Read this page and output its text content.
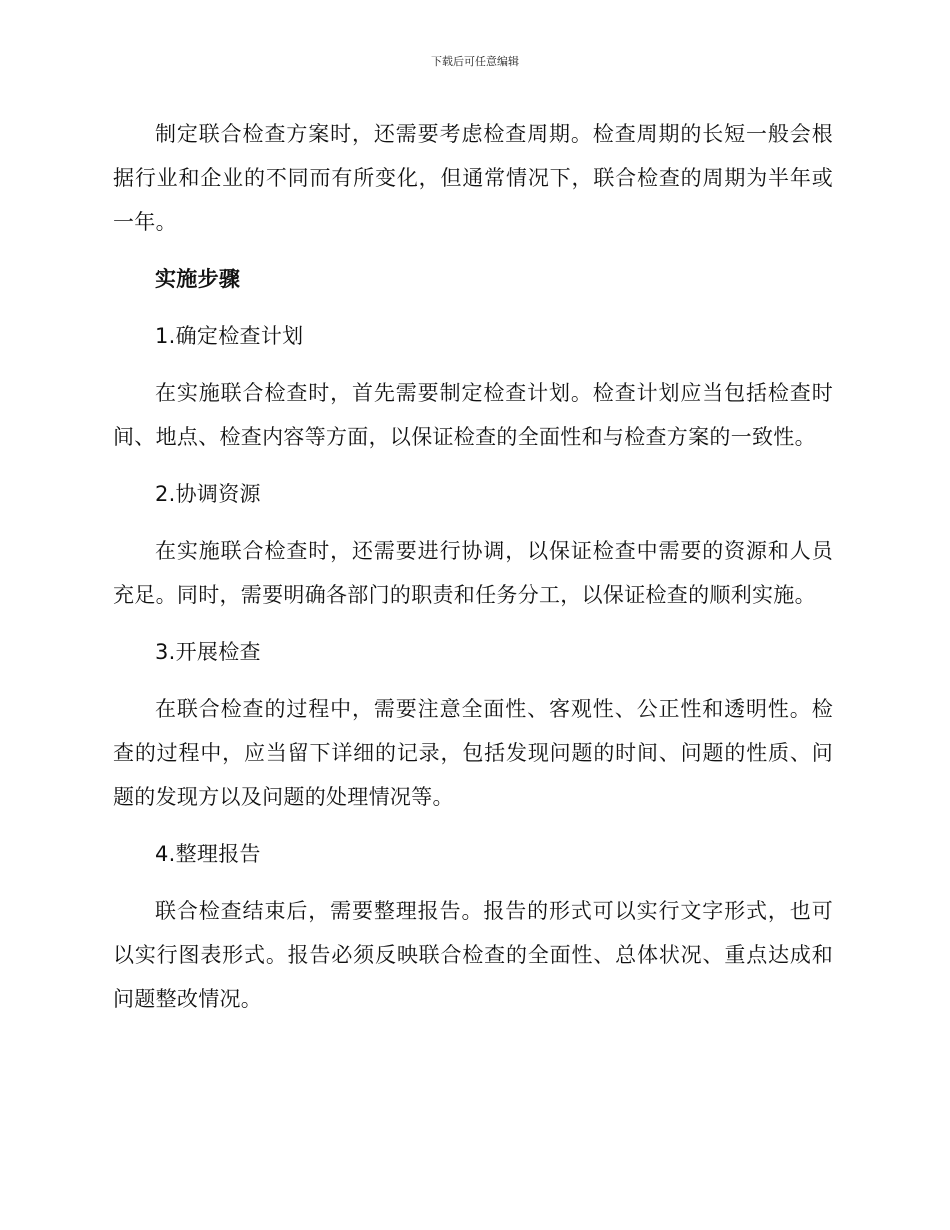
下载后可任意编辑

制定联合检查方案时，还需要考虑检查周期。检查周期的长短一般会根据行业和企业的不同而有所变化，但通常情况下，联合检查的周期为半年或一年。

实施步骤

1.确定检查计划

在实施联合检查时，首先需要制定检查计划。检查计划应当包括检查时间、地点、检查内容等方面，以保证检查的全面性和与检查方案的一致性。

2.协调资源

在实施联合检查时，还需要进行协调，以保证检查中需要的资源和人员充足。同时，需要明确各部门的职责和任务分工，以保证检查的顺利实施。

3.开展检查

在联合检查的过程中，需要注意全面性、客观性、公正性和透明性。检查的过程中，应当留下详细的记录，包括发现问题的时间、问题的性质、问题的发现方以及问题的处理情况等。

4.整理报告

联合检查结束后，需要整理报告。报告的形式可以实行文字形式，也可以实行图表形式。报告必须反映联合检查的全面性、总体状况、重点达成和问题整改情况。
